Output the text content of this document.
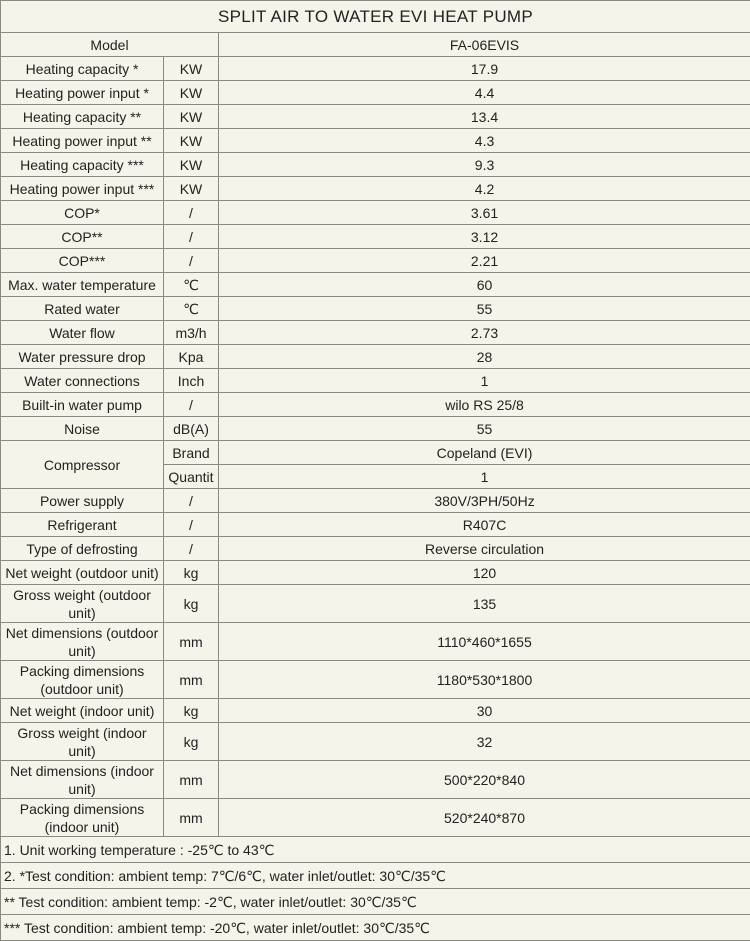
SPLIT AIR TO WATER EVI HEAT PUMP		
Model		FA-06EVIS
Heating capacity *	KW	17.9
Heating power input *	KW	4.4
Heating capacity **	KW	13.4
Heating power input **	KW	4.3
Heating capacity ***	KW	9.3
Heating power input ***	KW	4.2
COP*	/	3.61
COP**	/	3.12
COP***	/	2.21
Max. water temperature	℃	60
Rated water	℃	55
Water flow	m3/h	2.73
Water pressure drop	Kpa	28
Water connections	Inch	1
Built-in water pump	/	wilo RS 25/8
Noise	dB(A)	55
Compressor	Brand	Copeland (EVI)
	Quantit	1
Power supply	/	380V/3PH/50Hz
Refrigerant	/	R407C
Type of defrosting	/	Reverse circulation
Net weight (outdoor unit)	kg	120
Gross weight (outdoor unit)	kg	135
Net dimensions (outdoor unit)	mm	1110*460*1655
Packing dimensions (outdoor unit)	mm	1180*530*1800
Net weight (indoor unit)	kg	30
Gross weight (indoor unit)	kg	32
Net dimensions (indoor unit)	mm	500*220*840
Packing dimensions (indoor unit)	mm	520*240*870
1. Unit working temperature : -25℃ to 43℃		
2. *Test condition: ambient temp: 7℃/6℃, water inlet/outlet: 30℃/35℃		
** Test condition: ambient temp: -2℃, water inlet/outlet: 30℃/35℃		
*** Test condition: ambient temp: -20℃, water inlet/outlet: 30℃/35℃		
